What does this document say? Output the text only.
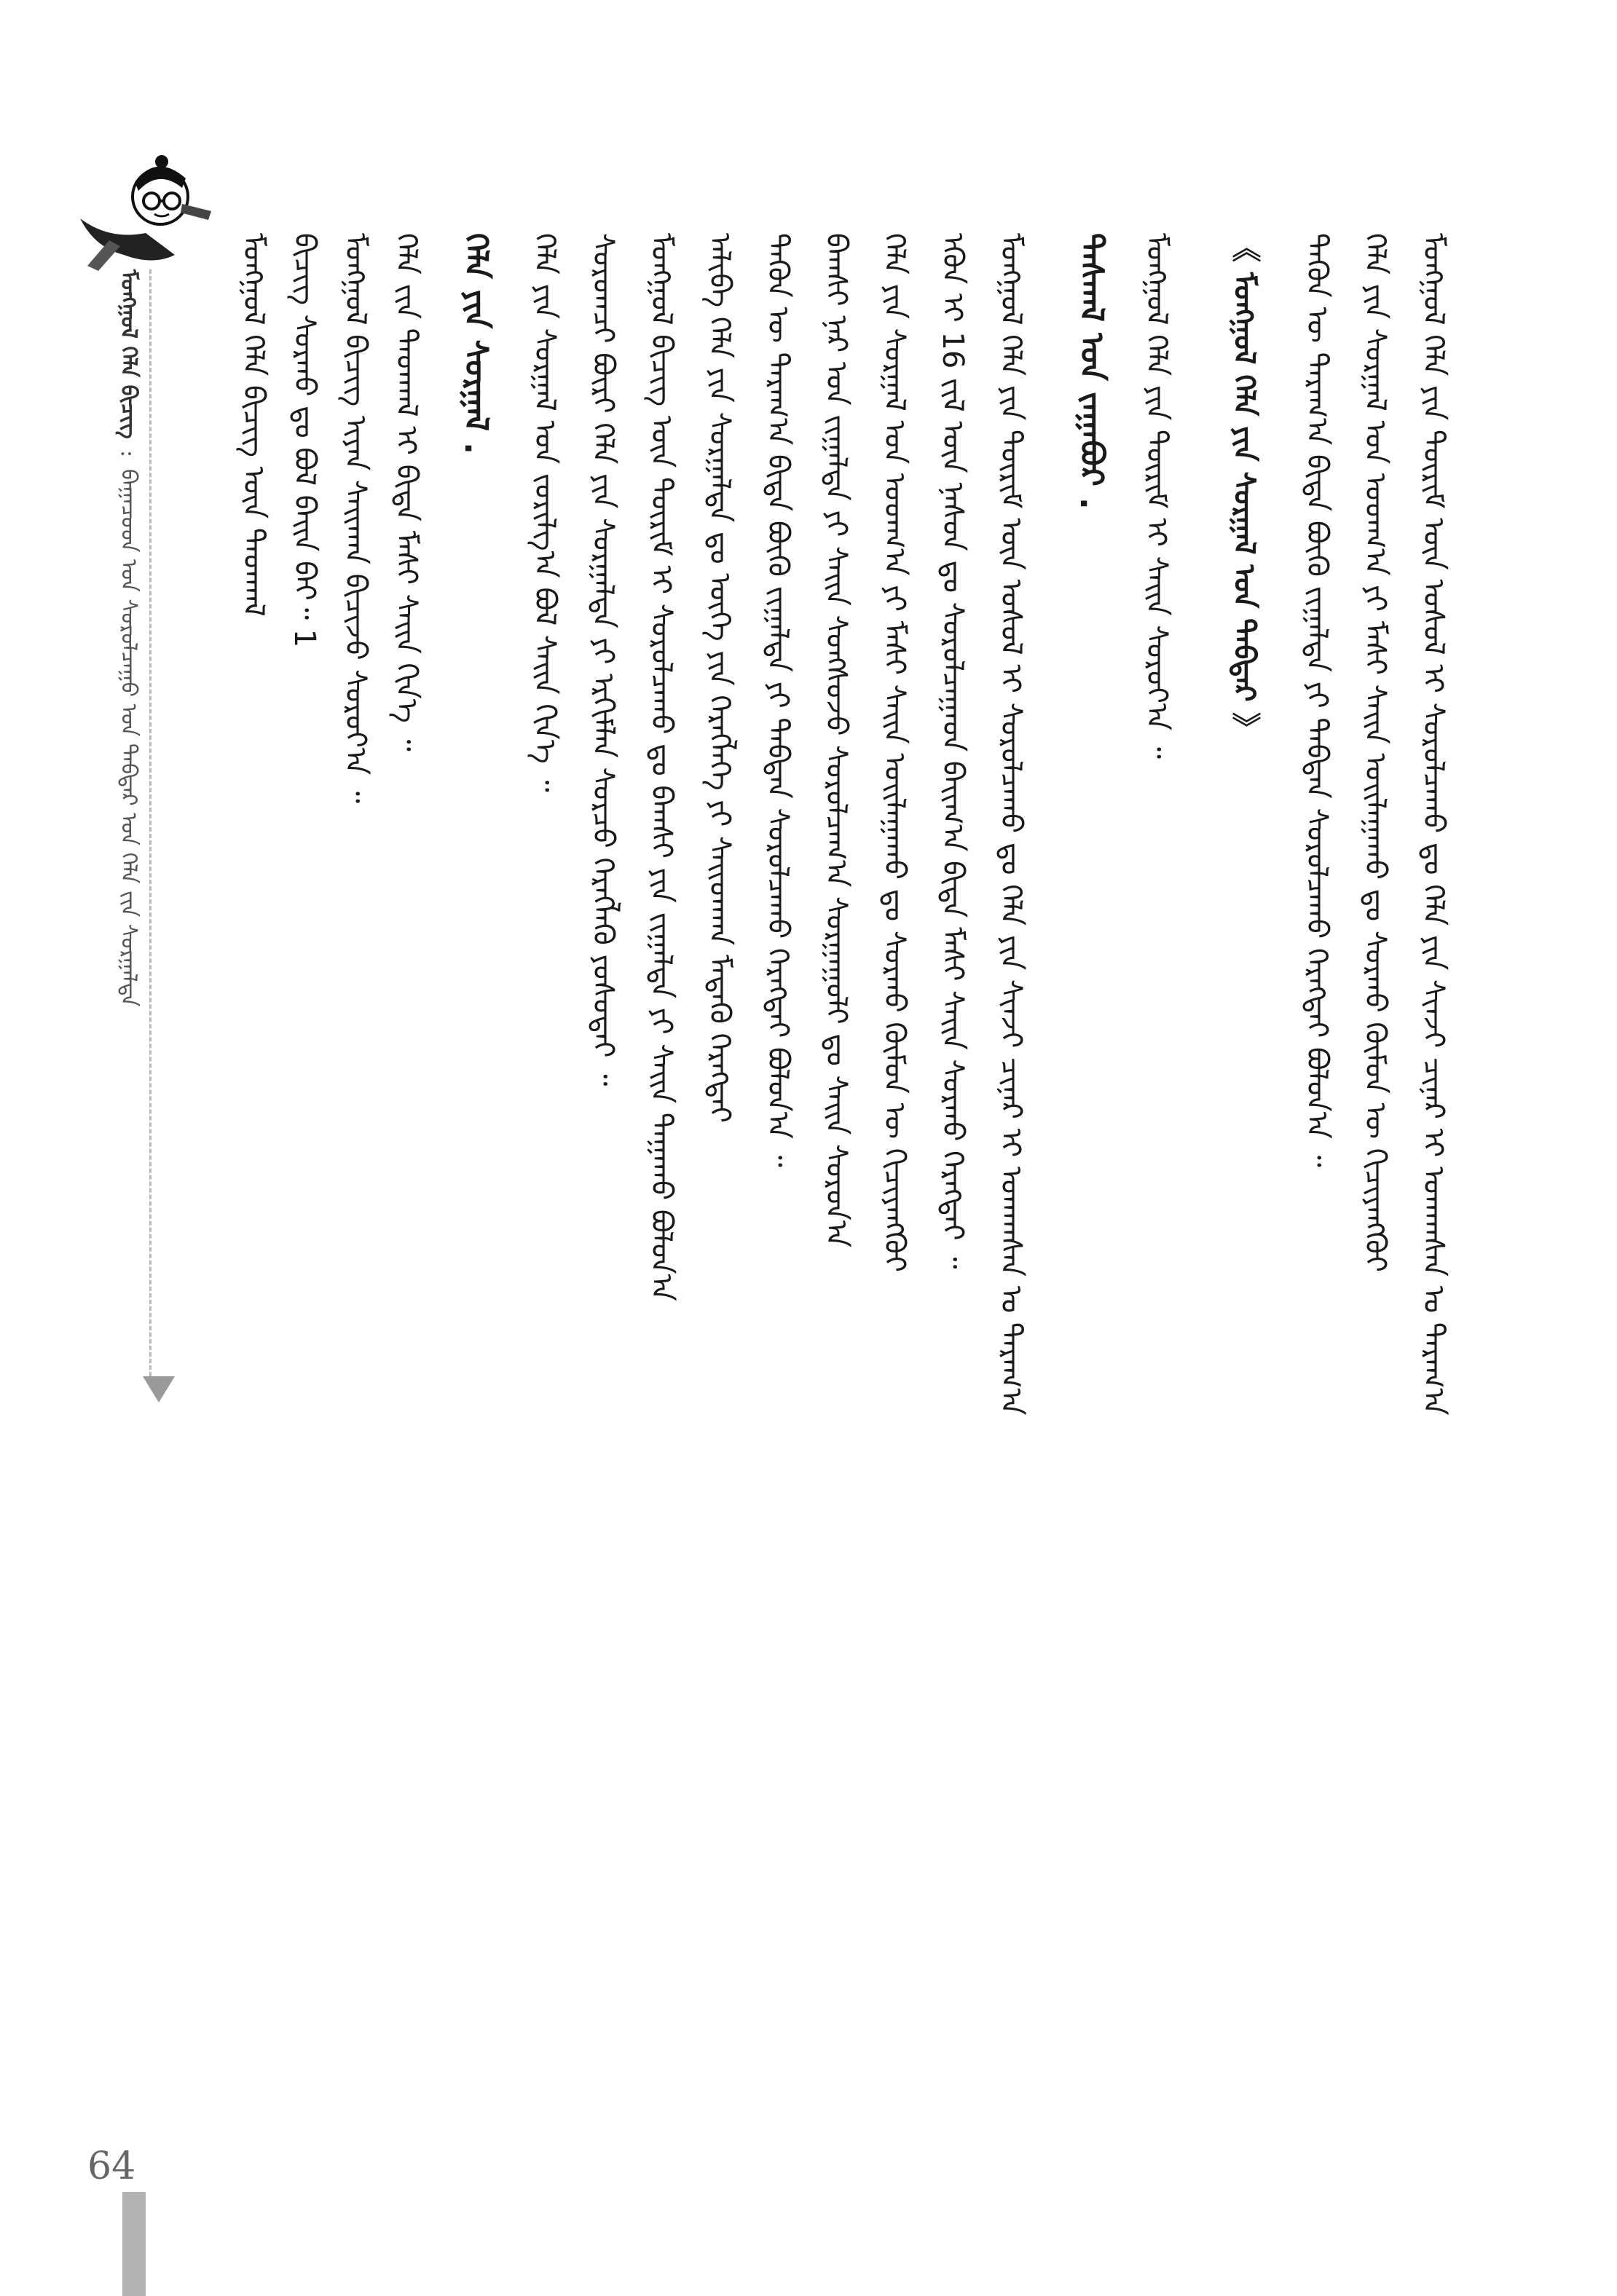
ᠮᠣᠩᠭᠣᠯ ᠬᠡᠯᠡ ᠪᠢᠴᠢᠭ᠌ : ᠪᠠᠭᠠᠴᠤᠳ ᠤᠨ ᠰᠤᠷᠤᠯᠴᠠᠭᠤ ᠤᠨ ᠳᠡᠪᠲᠡᠷ ᠤᠨ ᠬᠡᠯᠡ ᠵᠢᠨ ᠰᠤᠷᠭᠠᠯᠲᠠ
ᠮᠣᠩᠭᠣᠯ ᠬᠡᠯᠡ ᠪᠢᠴᠢᠭ ᠦᠨ ᠳᠠᠳᠬᠠᠯ ᠪᠢᠴᠢᠭ ᠰᠤᠷᠬᠤ ᠳᠤ ᠪᠤᠯ ᠪᠠᠢᠨ ᠪᠠᠢ᠃ 1 ᠮᠣᠩᠭᠣᠯ ᠪᠢᠴᠢᠭ ᠢᠶᠡᠨ ᠰᠠᠢᠬᠠᠨ ᠪᠢᠴᠢᠵᠦ ᠰᠤᠷᠤᠶ᠎ᠠ ᠃ ᠬᠡᠯᠡ ᠵᠢᠨ ᠳᠠᠳᠬᠠᠯ ᠢ ᠪᠢᠳᠡ ᠮᠠᠰᠢ ᠰᠠᠢᠨ ᠬᠢᠨ᠎ᠡ ᠃ ᠬᠡᠯᠡ ᠶᠢᠨ ᠰᠤᠷᠭᠠᠯ . ᠬᠡᠯᠡ ᠶᠢᠨ ᠰᠤᠷᠭᠠᠯ ᠤᠨ ᠵᠣᠷᠢᠯᠭ᠎ᠠ ᠪᠤᠯ ᠰᠠᠢᠨ ᠬᠢᠨ᠎ᠡ ᠃ ᠰᠤᠷᠤᠭᠴᠢ ᠪᠦᠷᠢ ᠬᠡᠯᠡ ᠶᠢᠨ ᠰᠤᠷᠭᠠᠯᠲᠠ ᠶᠢ ᠡᠷᠬᠢᠮᠯᠡᠨ ᠰᠤᠷᠴᠤ ᠬᠡᠷᠡᠭᠯᠡᠬᠦ ᠶᠤᠰᠤᠲᠠᠢ ᠃ ᠮᠣᠩᠭᠣᠯ ᠪᠢᠴᠢᠭ ᠦᠨ ᠳᠦᠷᠢᠮ ᠢ ᠰᠤᠷᠤᠯᠴᠠᠬᠤ ᠳᠤ ᠪᠠᠭᠰᠢ ᠶᠢᠨ ᠵᠢᠭᠠᠯᠲᠠ ᠶᠢ ᠰᠠᠢᠨ ᠳᠠᠭᠠᠬᠤ ᠪᠤᠯᠤᠨ᠎ᠠ ᠠᠯᠢᠪᠠ ᠬᠡᠯᠡ ᠶᠢᠨ ᠰᠤᠷᠭᠠᠯᠲᠠ ᠳᠤ ᠦᠭᠡ ᠶᠢᠨ ᠬᠡᠷᠡᠭᠯᠡᠭᠡ ᠶᠢ ᠰᠠᠢᠳᠬᠠᠨ ᠮᠡᠳᠡᠬᠦ ᠬᠡᠷᠡᠭᠲᠡᠢ ᠲᠡᠭᠦᠨ ᠦ ᠳᠠᠷᠠᠭ᠎ᠠ ᠪᠢᠳᠡ ᠪᠦᠬᠦ ᠵᠢᠭᠠᠯᠲᠠ ᠶᠢ ᠳᠠᠪᠲᠠᠨ ᠰᠤᠷᠤᠯᠴᠠᠬᠤ ᠬᠡᠷᠡᠭᠲᠡᠢ ᠪᠤᠯᠤᠨ᠎ᠠ ᠃ ᠪᠠᠭᠰᠢ ᠨᠠᠷ ᠤᠨ ᠵᠢᠭᠠᠯᠲᠠ ᠶᠢ ᠰᠠᠢᠨ ᠰᠣᠩᠰᠣᠵᠤ ᠰᠤᠷᠤᠯᠴᠠᠭ᠎ᠠ ᠰᠤᠷᠭᠠᠭᠤᠯᠢ ᠳᠤ ᠰᠠᠢᠨ ᠰᠤᠷᠤᠨ᠎ᠠ ᠬᠡᠯᠡ ᠶᠢᠨ ᠰᠤᠷᠭᠠᠯ ᠤᠨ ᠤᠳᠬ᠎ᠠ ᠶᠢ ᠮᠠᠰᠢ ᠰᠠᠢᠨ ᠣᠢᠯᠠᠭᠠᠬᠤ ᠳᠤ ᠰᠤᠷᠬᠤ ᠬᠦᠮᠦᠨ ᠦ ᠬᠢᠴᠢᠶᠡᠩᠭᠦᠢ ᠡᠭᠦᠨ ᠢ 16 ᠵᠢᠯ ᠦᠨ ᠨᠠᠰᠤᠨ ᠳᠤ ᠰᠤᠷᠤᠯᠴᠠᠭᠠᠳ ᠪᠠᠢᠭ᠎ᠠ ᠪᠢᠳᠡ ᠮᠠᠰᠢ ᠰᠠᠢᠨ ᠰᠤᠷᠬᠤ ᠬᠡᠷᠡᠭᠲᠡᠢ ᠃ ᠮᠣᠩᠭᠣᠯ ᠬᠡᠯᠡ ᠶᠢᠨ ᠳᠦᠷᠢᠮ ᠦᠨ ᠤᠰᠤᠯ ᠢ ᠰᠤᠷᠤᠯᠴᠠᠬᠤ ᠳᠤ ᠬᠡᠯᠡ ᠶᠢᠨ ᠰᠢᠨᠵᠢ ᠴᠢᠨᠠᠷ ᠢ ᠤᠬᠠᠭᠰᠠᠨ ᠤ ᠳᠠᠷᠠᠭ᠎ᠠ ᠳᠠᠰᠬᠠᠯ ᠤᠨ ᠵᠠᠭᠠᠪᠤᠷ . ᠮᠣᠩᠭᠣᠯ ᠬᠡᠯᠡ ᠶᠢᠨ ᠳᠦᠷᠢᠮ ᠢ ᠰᠠᠢᠨ ᠰᠤᠷᠤᠶ᠎ᠠ ᠃ 《 ᠮᠣᠩᠭᠣᠯ ᠬᠡᠯᠡ ᠶᠢᠨ ᠰᠤᠷᠭᠠᠯ ᠤᠨ ᠳᠡᠪᠲᠡᠷ 》 ᠲᠡᠭᠦᠨ ᠦ ᠳᠠᠷᠠᠭ᠎ᠠ ᠪᠢᠳᠡ ᠪᠦᠬᠦ ᠵᠢᠭᠠᠯᠲᠠ ᠶᠢ ᠳᠠᠪᠲᠠᠨ ᠰᠤᠷᠤᠯᠴᠠᠬᠤ ᠬᠡᠷᠡᠭᠲᠡᠢ ᠪᠤᠯᠤᠨ᠎ᠠ ᠃ ᠬᠡᠯᠡ ᠶᠢᠨ ᠰᠤᠷᠭᠠᠯ ᠤᠨ ᠤᠳᠬ᠎ᠠ ᠶᠢ ᠮᠠᠰᠢ ᠰᠠᠢᠨ ᠣᠢᠯᠠᠭᠠᠬᠤ ᠳᠤ ᠰᠤᠷᠬᠤ ᠬᠦᠮᠦᠨ ᠦ ᠬᠢᠴᠢᠶᠡᠩᠭᠦᠢ ᠮᠣᠩᠭᠣᠯ ᠬᠡᠯᠡ ᠶᠢᠨ ᠳᠦᠷᠢᠮ ᠦᠨ ᠤᠰᠤᠯ ᠢ ᠰᠤᠷᠤᠯᠴᠠᠬᠤ ᠳᠤ ᠬᠡᠯᠡ ᠶᠢᠨ ᠰᠢᠨᠵᠢ ᠴᠢᠨᠠᠷ ᠢ ᠤᠬᠠᠭᠰᠠᠨ ᠤ ᠳᠠᠷᠠᠭ᠎ᠠ
64
